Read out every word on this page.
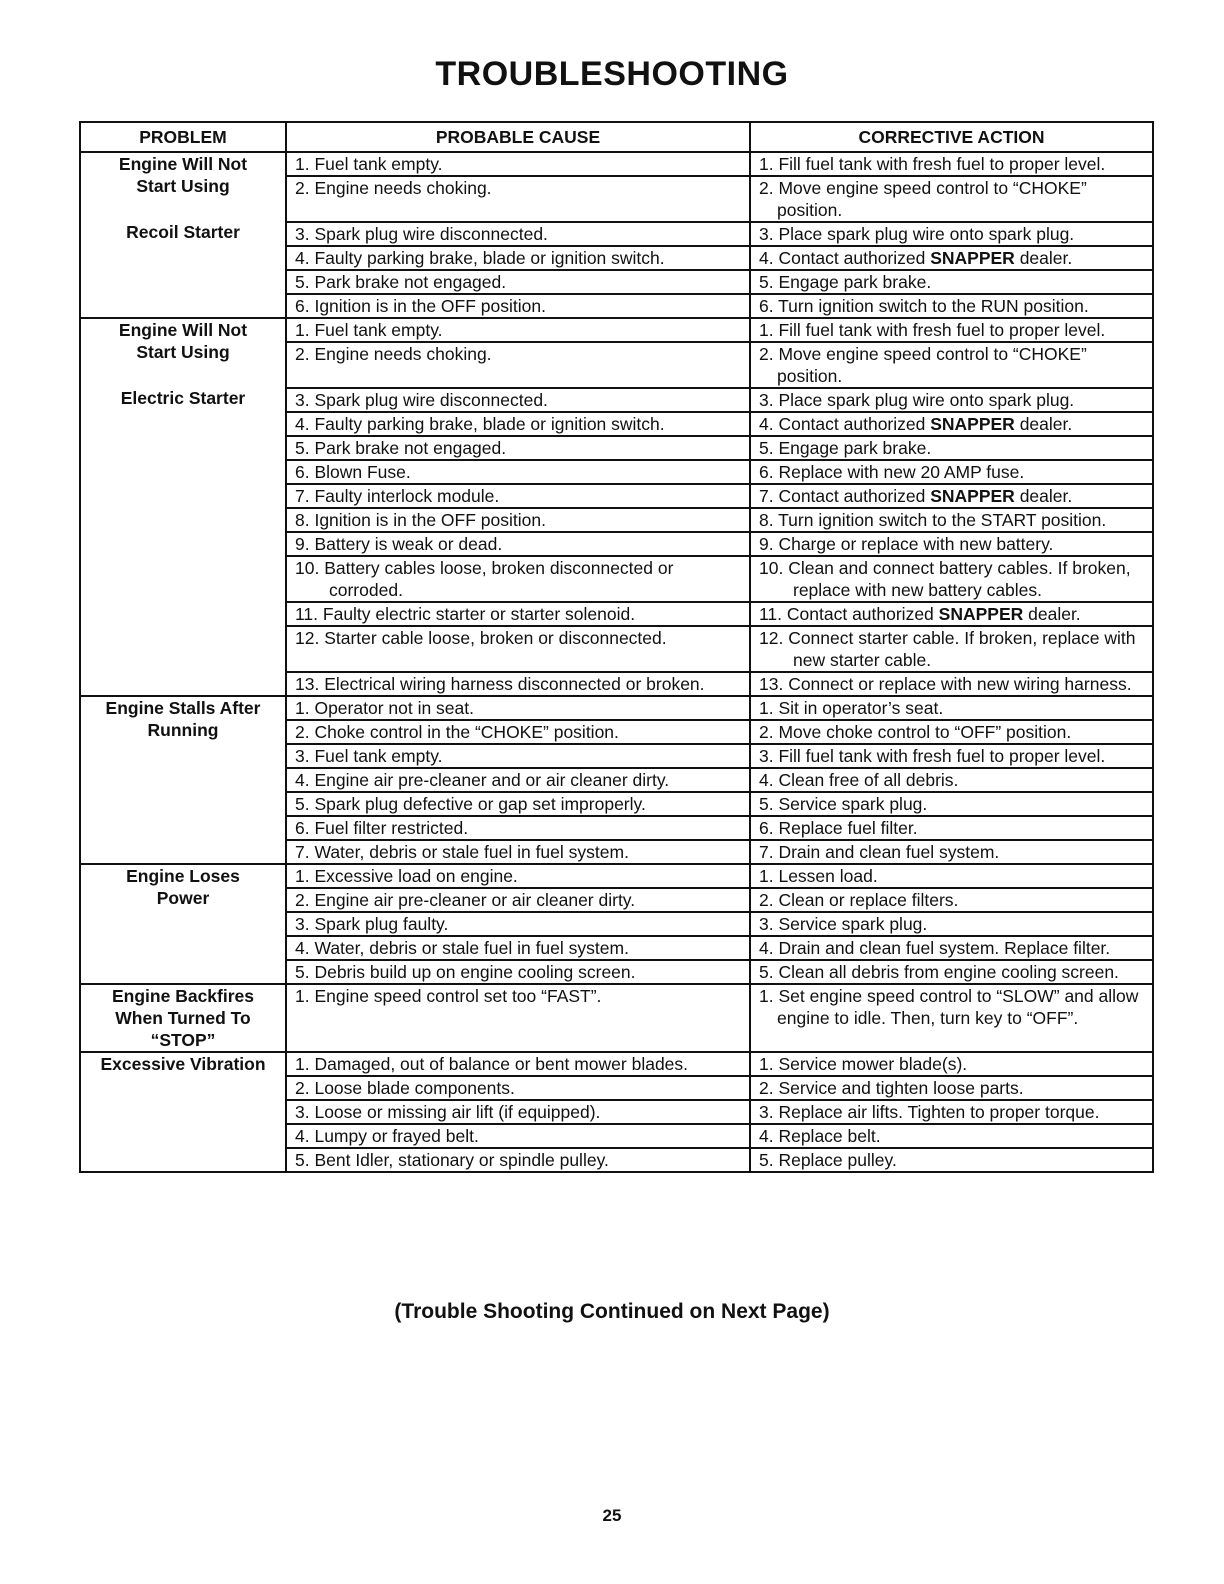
TROUBLESHOOTING
PROBLEM	PROBABLE CAUSE	CORRECTIVE ACTION

Engine Will Not
Start Using
Recoil Starter	1. Fuel tank empty.	1. Fill fuel tank with fresh fuel to proper level.

	2. Engine needs choking.	2. Move engine speed control to “CHOKE” position.

	3. Spark plug wire disconnected.	3. Place spark plug wire onto spark plug.

	4. Faulty parking brake, blade or ignition switch.	4. Contact authorized SNAPPER dealer.

	5. Park brake not engaged.	5. Engage park brake.

	6. Ignition is in the OFF position.	6. Turn ignition switch to the RUN position.

Engine Will Not
Start Using
Electric Starter	1. Fuel tank empty.	1. Fill fuel tank with fresh fuel to proper level.

	2. Engine needs choking.	2. Move engine speed control to “CHOKE” position.

	3. Spark plug wire disconnected.	3. Place spark plug wire onto spark plug.

	4. Faulty parking brake, blade or ignition switch.	4. Contact authorized SNAPPER dealer.

	5. Park brake not engaged.	5. Engage park brake.

	6. Blown Fuse.	6. Replace with new 20 AMP fuse.

	7. Faulty interlock module.	7. Contact authorized SNAPPER dealer.

	8. Ignition is in the OFF position.	8. Turn ignition switch to the START position.

	9. Battery is weak or dead.	9. Charge or replace with new battery.

	10. Battery cables loose, broken disconnected or corroded.	10. Clean and connect battery cables. If broken, replace with new battery cables.

	11. Faulty electric starter or starter solenoid.	11. Contact authorized SNAPPER dealer.

	12. Starter cable loose, broken or disconnected.	12. Connect starter cable. If broken, replace with new starter cable.

	13. Electrical wiring harness disconnected or broken.	13. Connect or replace with new wiring harness.

Engine Stalls After
Running	1. Operator not in seat.	1. Sit in operator’s seat.

	2. Choke control in the “CHOKE” position.	2. Move choke control to “OFF” position.

	3. Fuel tank empty.	3. Fill fuel tank with fresh fuel to proper level.

	4. Engine air pre-cleaner and or air cleaner dirty.	4. Clean free of all debris.

	5. Spark plug defective or gap set improperly.	5. Service spark plug.

	6. Fuel filter restricted.	6. Replace fuel filter.

	7. Water, debris or stale fuel in fuel system.	7. Drain and clean fuel system.

Engine Loses
Power	1. Excessive load on engine.	1. Lessen load.

	2. Engine air pre-cleaner or air cleaner dirty.	2. Clean or replace filters.

	3. Spark plug faulty.	3. Service spark plug.

	4. Water, debris or stale fuel in fuel system.	4. Drain and clean fuel system. Replace filter.

	5. Debris build up on engine cooling screen.	5. Clean all debris from engine cooling screen.

Engine Backfires
When Turned To
“STOP”	1. Engine speed control set too “FAST”.	1. Set engine speed control to “SLOW” and allow engine to idle. Then, turn key to “OFF”.

Excessive Vibration	1. Damaged, out of balance or bent mower blades.	1. Service mower blade(s).

	2. Loose blade components.	2. Service and tighten loose parts.

	3. Loose or missing air lift (if equipped).	3. Replace air lifts. Tighten to proper torque.

	4. Lumpy or frayed belt.	4. Replace belt.

	5. Bent Idler, stationary or spindle pulley.	5. Replace pulley.
(Trouble Shooting Continued on Next Page)
25
